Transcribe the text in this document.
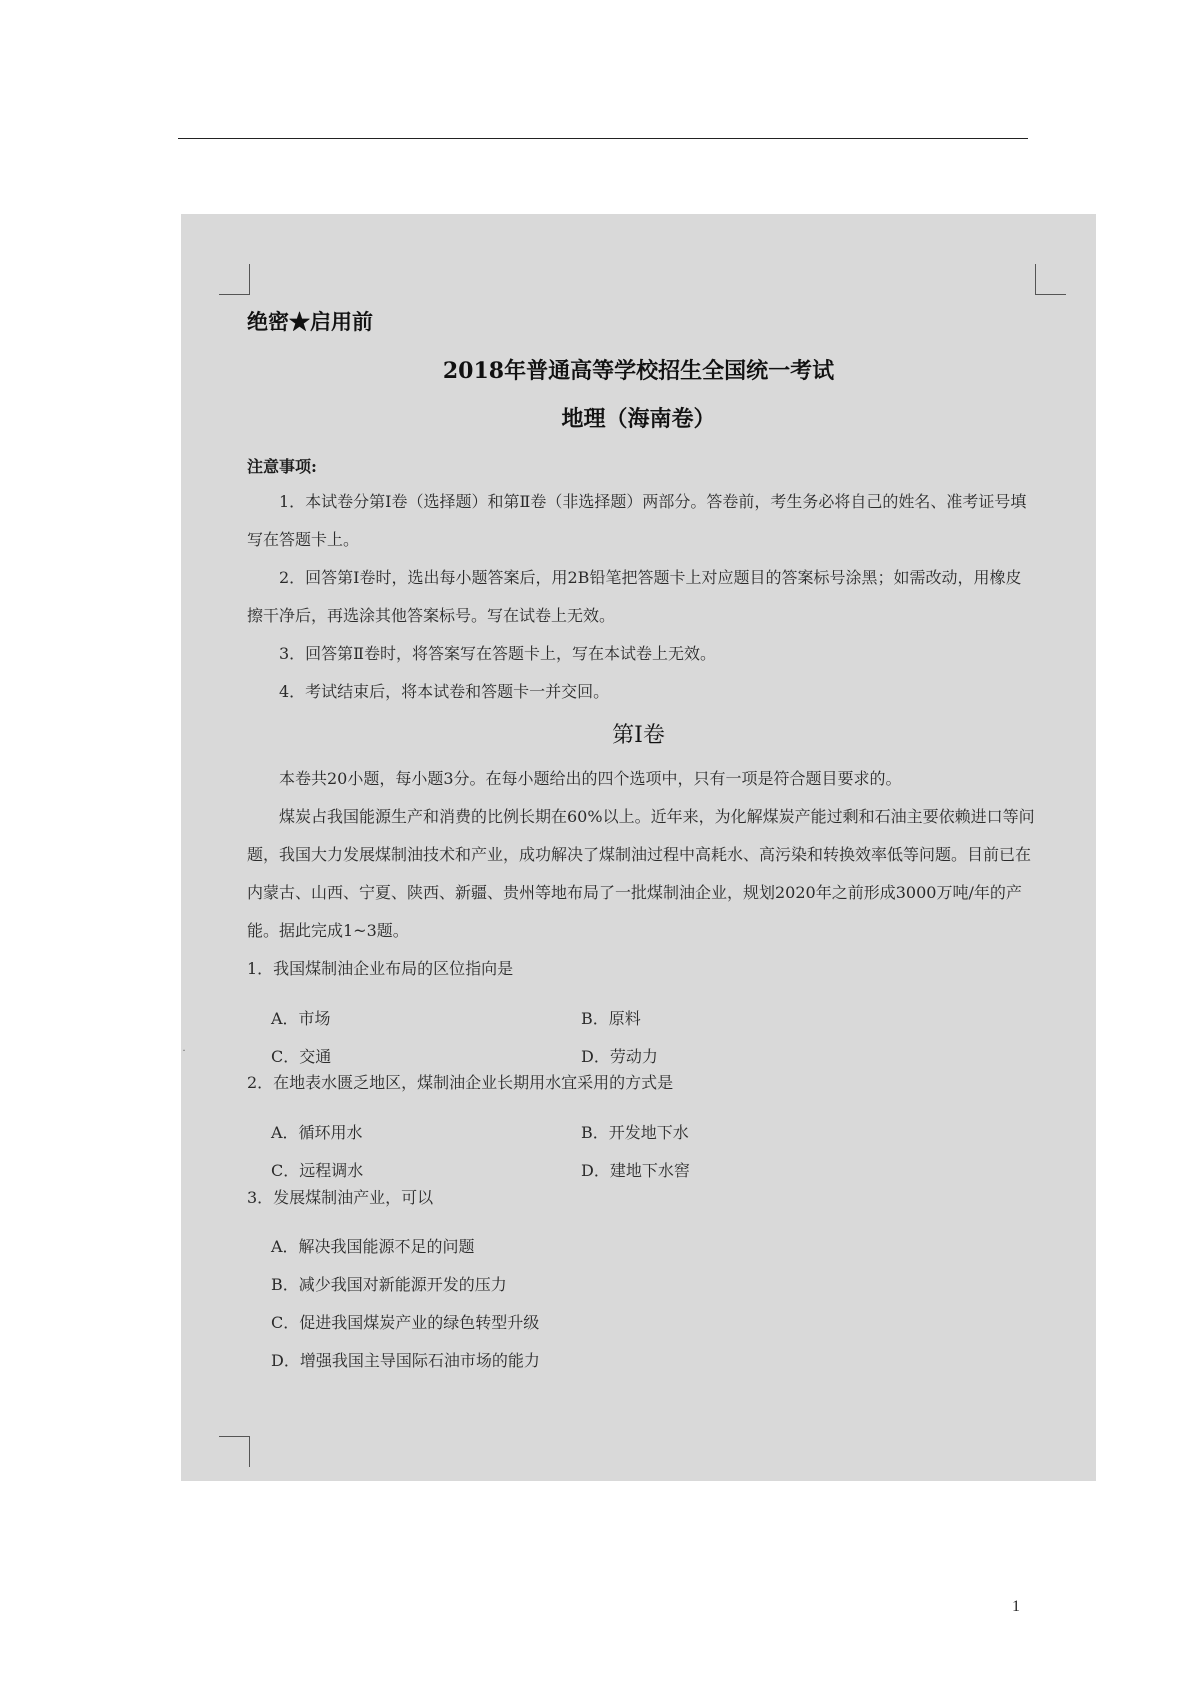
绝密★启用前
2018年普通高等学校招生全国统一考试
地理（海南卷）
注意事项:

1．本试卷分第Ⅰ卷（选择题）和第Ⅱ卷（非选择题）两部分。答卷前，考生务必将自己的姓名、准考证号填写在答题卡上。

2．回答第Ⅰ卷时，选出每小题答案后，用2B铅笔把答题卡上对应题目的答案标号涂黑；如需改动，用橡皮擦干净后，再选涂其他答案标号。写在试卷上无效。

3．回答第Ⅱ卷时，将答案写在答题卡上，写在本试卷上无效。

4．考试结束后，将本试卷和答题卡一并交回。

第Ⅰ卷

本卷共20小题，每小题3分。在每小题给出的四个选项中，只有一项是符合题目要求的。

煤炭占我国能源生产和消费的比例长期在60%以上。近年来，为化解煤炭产能过剩和石油主要依赖进口等问题，我国大力发展煤制油技术和产业，成功解决了煤制油过程中高耗水、高污染和转换效率低等问题。目前已在内蒙古、山西、宁夏、陕西、新疆、贵州等地布局了一批煤制油企业，规划2020年之前形成3000万吨/年的产能。据此完成1~3题。

1．我国煤制油企业布局的区位指向是

A．市场	B．原料
C．交通	D．劳动力
˙

2．在地表水匮乏地区，煤制油企业长期用水宜采用的方式是

A．循环用水	B．开发地下水
C．远程调水	D．建地下水窖

3．发展煤制油产业，可以

A．解决我国能源不足的问题
B．减少我国对新能源开发的压力
C．促进我国煤炭产业的绿色转型升级
D．增强我国主导国际石油市场的能力
1
